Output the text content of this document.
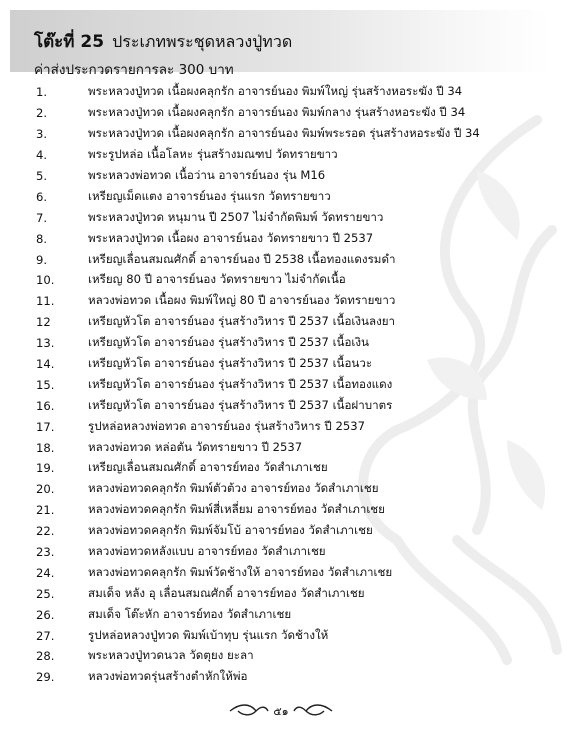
โต๊ะที่ 25 ประเภทพระชุดหลวงปู่ทวด
ค่าส่งประกวดรายการละ 300 บาท
1.	พระหลวงปู่ทวด เนื้อผงคลุกรัก อาจารย์นอง พิมพ์ใหญ่ รุ่นสร้างหอระฆัง ปี 34
2.	พระหลวงปู่ทวด เนื้อผงคลุกรัก อาจารย์นอง พิมพ์กลาง รุ่นสร้างหอระฆัง ปี 34
3.	พระหลวงปู่ทวด เนื้อผงคลุกรัก อาจารย์นอง พิมพ์พระรอด รุ่นสร้างหอระฆัง ปี 34
4.	พระรูปหล่อ เนื้อโลหะ รุ่นสร้างมณฑป วัดทรายขาว
5.	พระหลวงพ่อทวด เนื้อว่าน อาจารย์นอง รุ่น M16
6.	เหรียญเม็ดแตง อาจารย์นอง รุ่นแรก วัดทรายขาว
7.	พระหลวงปู่ทวด หนุมาน ปี 2507 ไม่จำกัดพิมพ์ วัดทรายขาว
8.	พระหลวงปู่ทวด เนื้อผง อาจารย์นอง วัดทรายขาว ปี 2537
9.	เหรียญเลื่อนสมณศักดิ์ อาจารย์นอง ปี 2538 เนื้อทองแดงรมดำ
10.	เหรียญ 80 ปี อาจารย์นอง วัดทรายขาว ไม่จำกัดเนื้อ
11.	หลวงพ่อทวด เนื้อผง พิมพ์ใหญ่ 80 ปี อาจารย์นอง วัดทรายขาว
12	เหรียญหัวโต อาจารย์นอง รุ่นสร้างวิหาร ปี 2537 เนื้อเงินลงยา
13.	เหรียญหัวโต อาจารย์นอง รุ่นสร้างวิหาร ปี 2537 เนื้อเงิน
14.	เหรียญหัวโต อาจารย์นอง รุ่นสร้างวิหาร ปี 2537 เนื้อนวะ
15.	เหรียญหัวโต อาจารย์นอง รุ่นสร้างวิหาร ปี 2537 เนื้อทองแดง
16.	เหรียญหัวโต อาจารย์นอง รุ่นสร้างวิหาร ปี 2537 เนื้อฝาบาตร
17.	รูปหล่อหลวงพ่อทวด อาจารย์นอง รุ่นสร้างวิหาร ปี 2537
18.	หลวงพ่อทวด หล่อตัน วัดทรายขาว ปี 2537
19.	เหรียญเลื่อนสมณศักดิ์ อาจารย์ทอง วัดสำเภาเชย
20.	หลวงพ่อทวดคลุกรัก พิมพ์ตัวต้วง อาจารย์ทอง วัดสำเภาเชย
21.	หลวงพ่อทวดคลุกรัก พิมพ์สี่เหลี่ยม อาจารย์ทอง วัดสำเภาเชย
22.	หลวงพ่อทวดคลุกรัก พิมพ์จัมโบ้ อาจารย์ทอง วัดสำเภาเชย
23.	หลวงพ่อทวดหลังแบบ อาจารย์ทอง วัดสำเภาเชย
24.	หลวงพ่อทวดคลุกรัก พิมพ์วัดช้างให้ อาจารย์ทอง วัดสำเภาเชย
25.	สมเด็จ หลัง อุ เลื่อนสมณศักดิ์ อาจารย์ทอง วัดสำเภาเชย
26.	สมเด็จ โต๊ะหัก อาจารย์ทอง วัดสำเภาเชย
27.	รูปหล่อหลวงปู่ทวด พิมพ์เบ้าทุบ รุ่นแรก วัดช้างให้
28.	พระหลวงปู่ทวดนวล วัดตุยง ยะลา
29.	หลวงพ่อทวดรุ่นสร้างตำหักให้พ่อ
๕๑
